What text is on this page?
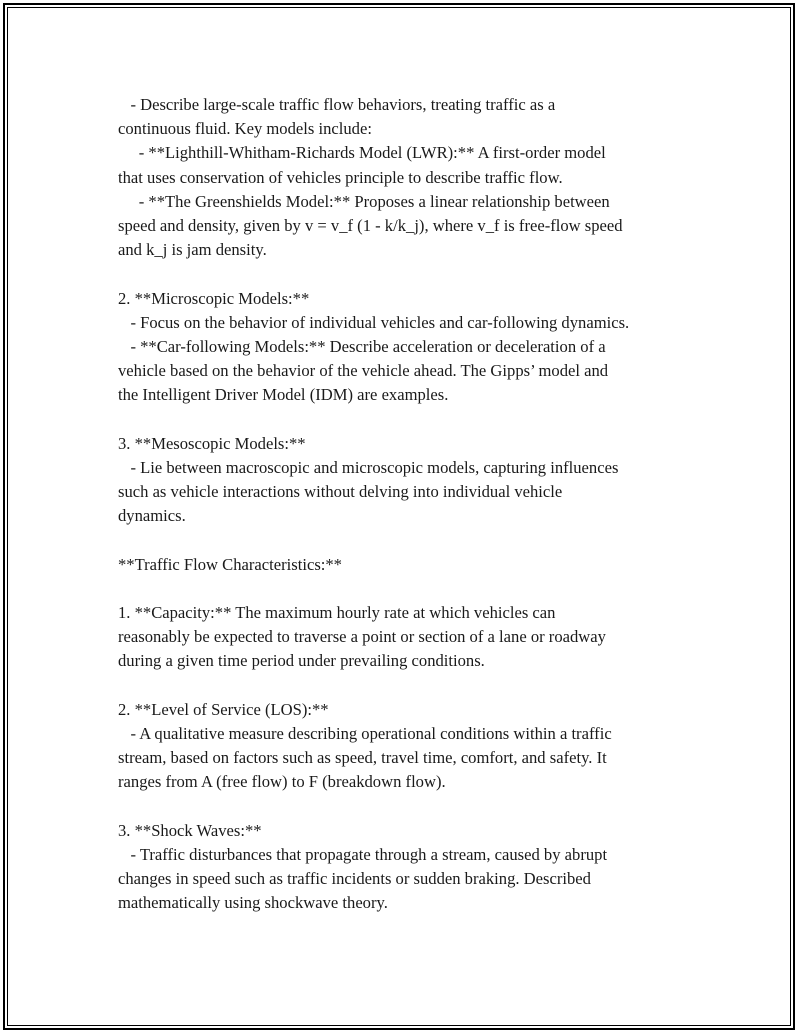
- Describe large-scale traffic flow behaviors, treating traffic as a
continuous fluid. Key models include:
- **Lighthill-Whitham-Richards Model (LWR):** A first-order model
that uses conservation of vehicles principle to describe traffic flow.
- **The Greenshields Model:** Proposes a linear relationship between
speed and density, given by v = v_f (1 - k/k_j), where v_f is free-flow speed
and k_j is jam density.
2. **Microscopic Models:**
- Focus on the behavior of individual vehicles and car-following dynamics.
- **Car-following Models:** Describe acceleration or deceleration of a
vehicle based on the behavior of the vehicle ahead. The Gipps’ model and
the Intelligent Driver Model (IDM) are examples.
3. **Mesoscopic Models:**
- Lie between macroscopic and microscopic models, capturing influences
such as vehicle interactions without delving into individual vehicle
dynamics.
**Traffic Flow Characteristics:**
1. **Capacity:** The maximum hourly rate at which vehicles can
reasonably be expected to traverse a point or section of a lane or roadway
during a given time period under prevailing conditions.
2. **Level of Service (LOS):**
- A qualitative measure describing operational conditions within a traffic
stream, based on factors such as speed, travel time, comfort, and safety. It
ranges from A (free flow) to F (breakdown flow).
3. **Shock Waves:**
- Traffic disturbances that propagate through a stream, caused by abrupt
changes in speed such as traffic incidents or sudden braking. Described
mathematically using shockwave theory.
